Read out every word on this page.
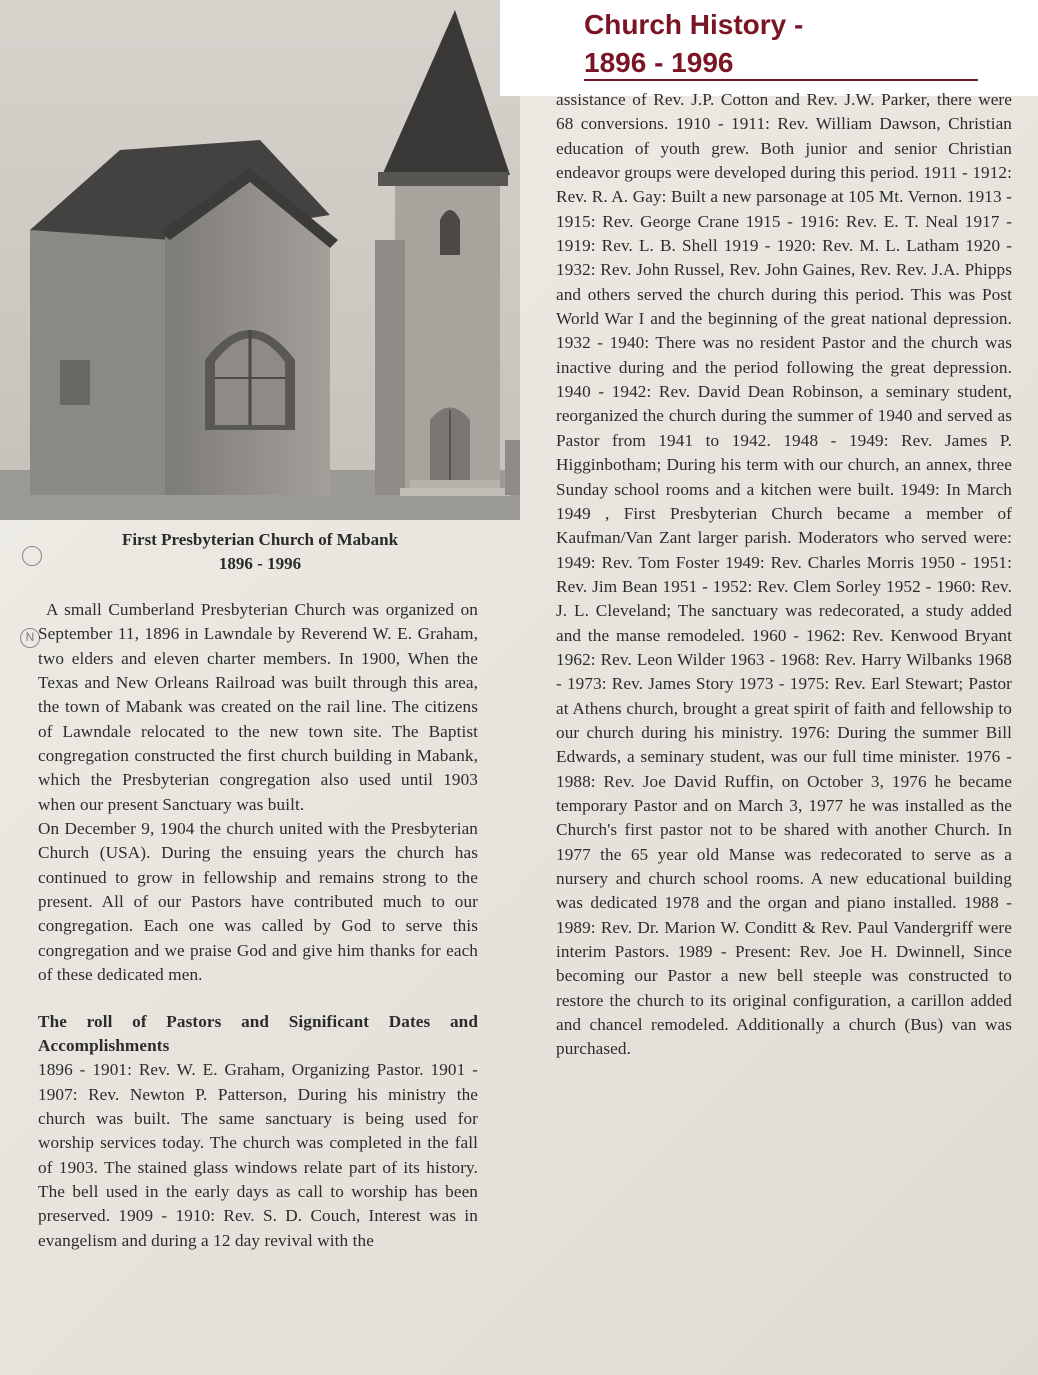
First Presbyterian Church of Mabank
1896 - 1996
Church History -
1896 - 1996
N

A small Cumberland Presbyterian Church was organized on September 11, 1896 in Lawndale by Reverend W. E. Graham, two elders and eleven charter members. In 1900, When the Texas and New Orleans Railroad was built through this area, the town of Mabank was created on the rail line. The citizens of Lawndale relocated to the new town site. The Baptist congregation constructed the first church building in Mabank, which the Presbyterian congregation also used until 1903 when our present Sanctuary was built.

On December 9, 1904 the church united with the Presbyterian Church (USA). During the ensuing years the church has continued to grow in fellowship and remains strong to the present. All of our Pastors have contributed much to our congregation. Each one was called by God to serve this congregation and we praise God and give him thanks for each of these dedicated men.

The roll of Pastors and Significant Dates and Accomplishments

1896 - 1901: Rev. W. E. Graham, Organizing Pastor. 1901 - 1907: Rev. Newton P. Patterson, During his ministry the church was built. The same sanctuary is being used for worship services today. The church was completed in the fall of 1903. The stained glass windows relate part of its history. The bell used in the early days as call to worship has been preserved. 1909 - 1910: Rev. S. D. Couch, Interest was in evangelism and during a 12 day revival with the

assistance of Rev. J.P. Cotton and Rev. J.W. Parker, there were 68 conversions. 1910 - 1911: Rev. William Dawson, Christian education of youth grew. Both junior and senior Christian endeavor groups were developed during this period. 1911 - 1912: Rev. R. A. Gay: Built a new parsonage at 105 Mt. Vernon. 1913 - 1915: Rev. George Crane 1915 - 1916: Rev. E. T. Neal 1917 - 1919: Rev. L. B. Shell 1919 - 1920: Rev. M. L. Latham 1920 - 1932: Rev. John Russel, Rev. John Gaines, Rev. Rev. J.A. Phipps and others served the church during this period. This was Post World War I and the beginning of the great national depression. 1932 - 1940: There was no resident Pastor and the church was inactive during and the period following the great depression. 1940 - 1942: Rev. David Dean Robinson, a seminary student, reorganized the church during the summer of 1940 and served as Pastor from 1941 to 1942. 1948 - 1949: Rev. James P. Higginbotham; During his term with our church, an annex, three Sunday school rooms and a kitchen were built. 1949: In March 1949 , First Presbyterian Church became a member of Kaufman/Van Zant larger parish. Moderators who served were: 1949: Rev. Tom Foster 1949: Rev. Charles Morris 1950 - 1951: Rev. Jim Bean 1951 - 1952: Rev. Clem Sorley 1952 - 1960: Rev. J. L. Cleveland; The sanctuary was redecorated, a study added and the manse remodeled. 1960 - 1962: Rev. Kenwood Bryant 1962: Rev. Leon Wilder 1963 - 1968: Rev. Harry Wilbanks 1968 - 1973: Rev. James Story 1973 - 1975: Rev. Earl Stewart; Pastor at Athens church, brought a great spirit of faith and fellowship to our church during his ministry. 1976: During the summer Bill Edwards, a seminary student, was our full time minister. 1976 - 1988: Rev. Joe David Ruffin, on October 3, 1976 he became temporary Pastor and on March 3, 1977 he was installed as the Church's first pastor not to be shared with another Church. In 1977 the 65 year old Manse was redecorated to serve as a nursery and church school rooms. A new educational building was dedicated 1978 and the organ and piano installed. 1988 - 1989: Rev. Dr. Marion W. Conditt & Rev. Paul Vandergriff were interim Pastors. 1989 - Present: Rev. Joe H. Dwinnell, Since becoming our Pastor a new bell steeple was constructed to restore the church to its original configuration, a carillon added and chancel remodeled. Additionally a church (Bus) van was purchased.
